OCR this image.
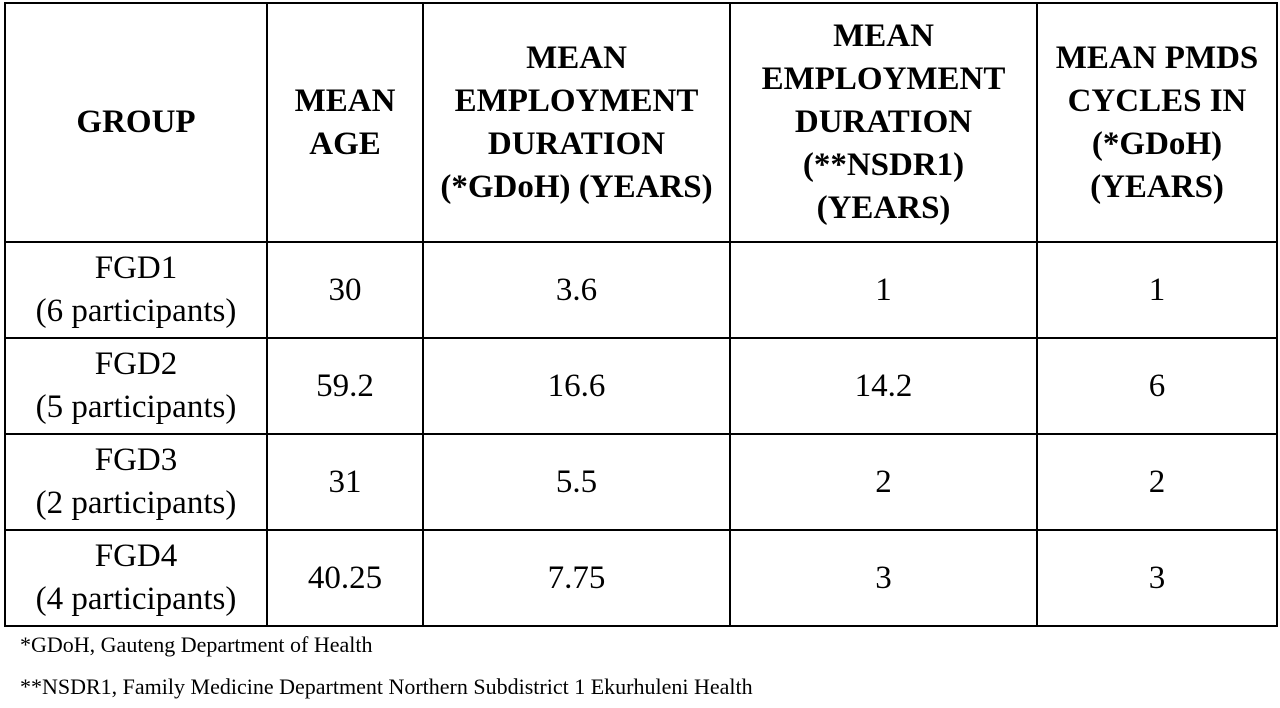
GROUP	MEAN AGE	MEAN EMPLOYMENT DURATION (*GDoH) (YEARS)	MEAN EMPLOYMENT DURATION (**NSDR1) (YEARS)	MEAN PMDS CYCLES IN (*GDoH) (YEARS)

FGD1
(6 participants)	30	3.6	1	1

FGD2
(5 participants)	59.2	16.6	14.2	6

FGD3
(2 participants)	31	5.5	2	2

FGD4
(4 participants)	40.25	7.75	3	3

*GDoH, Gauteng Department of Health

**NSDR1, Family Medicine Department Northern Subdistrict 1 Ekurhuleni Health
